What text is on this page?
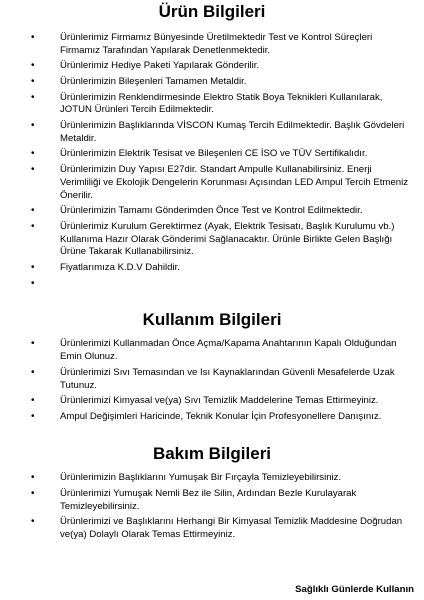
Ürün Bilgileri
•	Ürünlerimiz Firmamız Bünyesinde Üretilmektedir Test ve Kontrol Süreçleri Firmamız Tarafından Yapılarak Denetlenmektedir.
•	Ürünlerimiz Hediye Paketi Yapılarak Gönderilir.
•	Ürünlerimizin Bileşenleri Tamamen Metaldir.
•	Ürünlerimizin Renklendirmesinde Elektro Statik Boya Teknikleri Kullanılarak, JOTUN Ürünleri Tercih Edilmektedir.
•	Ürünlerimizin Başlıklarında VİSCON Kumaş Tercih Edilmektedir. Başlık Gövdeleri Metaldir.
•	Ürünlerimizin Elektrik Tesisat ve Bileşenleri CE İSO ve TÜV Sertifikalıdır.
•	Ürünlerimizin Duy Yapısı E27dir. Standart Ampulle Kullanabilirsiniz. Enerji Verimliliği ve Ekolojik Dengelerin Korunması Açısından LED Ampul Tercih Etmeniz Önerilir.
•	Ürünlerimizin Tamamı Gönderimden Önce Test ve Kontrol Edilmektedir.
•	Ürünlerimiz Kurulum Gerektirmez (Ayak, Elektrik Tesisatı, Başlık Kurulumu vb.) Kullanıma Hazır Olarak Gönderimi Sağlanacaktır. Ürünle Birlikte Gelen Başlığı Ürüne Takarak Kullanabilirsiniz.
•	Fiyatlarımıza K.D.V Dahildir.
•
Kullanım Bilgileri
•	Ürünlerimizi Kullanmadan Önce Açma/Kapama Anahtarının Kapalı Olduğundan Emin Olunuz.
•	Ürünlerimizi Sıvı Temasından ve Isı Kaynaklarından Güvenli Mesafelerde Uzak Tutunuz.
•	Ürünlerimizi Kimyasal ve(ya) Sıvı Temizlik Maddelerine Temas Ettirmeyiniz.
•	Ampul Değişimleri Haricinde, Teknik Konular İçin Profesyonellere Danışınız.
Bakım Bilgileri
•	Ürünlerimizin Başlıklarını Yumuşak Bir Fırçayla Temizleyebilirsiniz.
•	Ürünlerimizi Yumuşak Nemli Bez ile Silin, Ardından Bezle Kurulayarak Temizleyebilirsiniz.
•	Ürünlerimizi ve Başlıklarını Herhangi Bir Kimyasal Temizlik Maddesine Doğrudan ve(ya) Dolaylı Olarak Temas Ettirmeyiniz.
Sağlıklı Günlerde Kullanın
